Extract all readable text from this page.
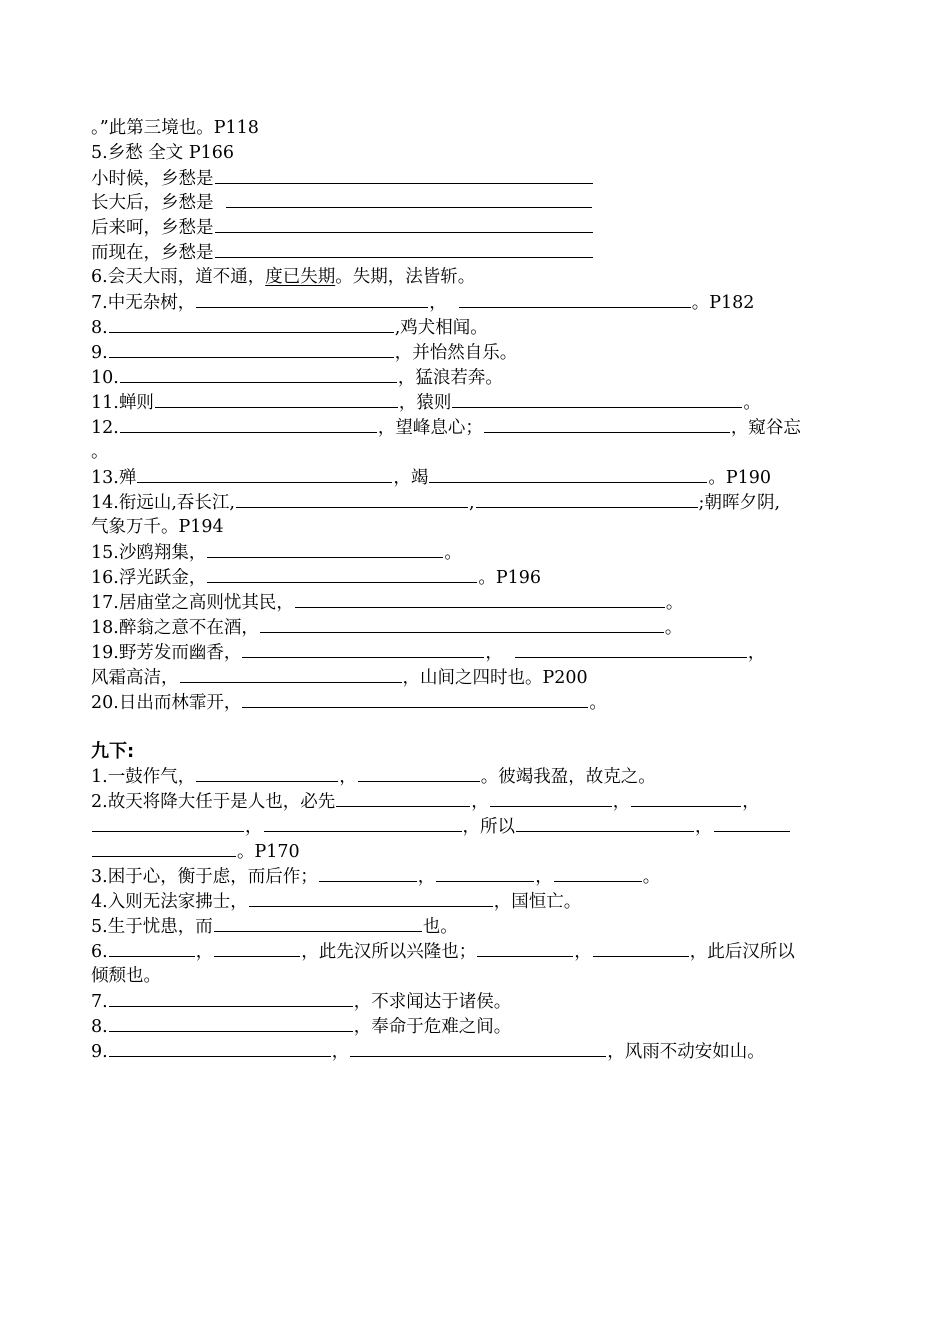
。”此第三境也。P118
5.乡愁 全文 P166
小时候，乡愁是
长大后，乡愁是
后来呵，乡愁是
而现在，乡愁是
6.会天大雨，道不通，度已失期。失期，法皆斩。
7.中无杂树，	，	。P182
8.	,鸡犬相闻。
9.	，并怡然自乐。
10.	，猛浪若奔。
11.蝉则	，猿则	。
12.	，望峰息心；	，窥谷忘
。
13.殚	，竭	。P190
14.衔远山,吞长江,	,	;朝晖夕阴,
气象万千。P194
15.沙鸥翔集，	。
16.浮光跃金，	。P196
17.居庙堂之高则忧其民，	。
18.醉翁之意不在酒，	。
19.野芳发而幽香，	，	，
风霜高洁，	，山间之四时也。P200
20.日出而林霏开，	。
九下:
1.一鼓作气，	，	。彼竭我盈，故克之。
2.故天将降大任于是人也，必先	，	，	，
，	，所以	，
。P170
3.困于心，衡于虑，而后作；	，	，	。
4.入则无法家拂士，	，国恒亡。
5.生于忧患，而	也。
6.	，	，此先汉所以兴隆也；	，	，此后汉所以
倾颓也。
7.	，不求闻达于诸侯。
8.	，奉命于危难之间。
9.	，	，风雨不动安如山。
